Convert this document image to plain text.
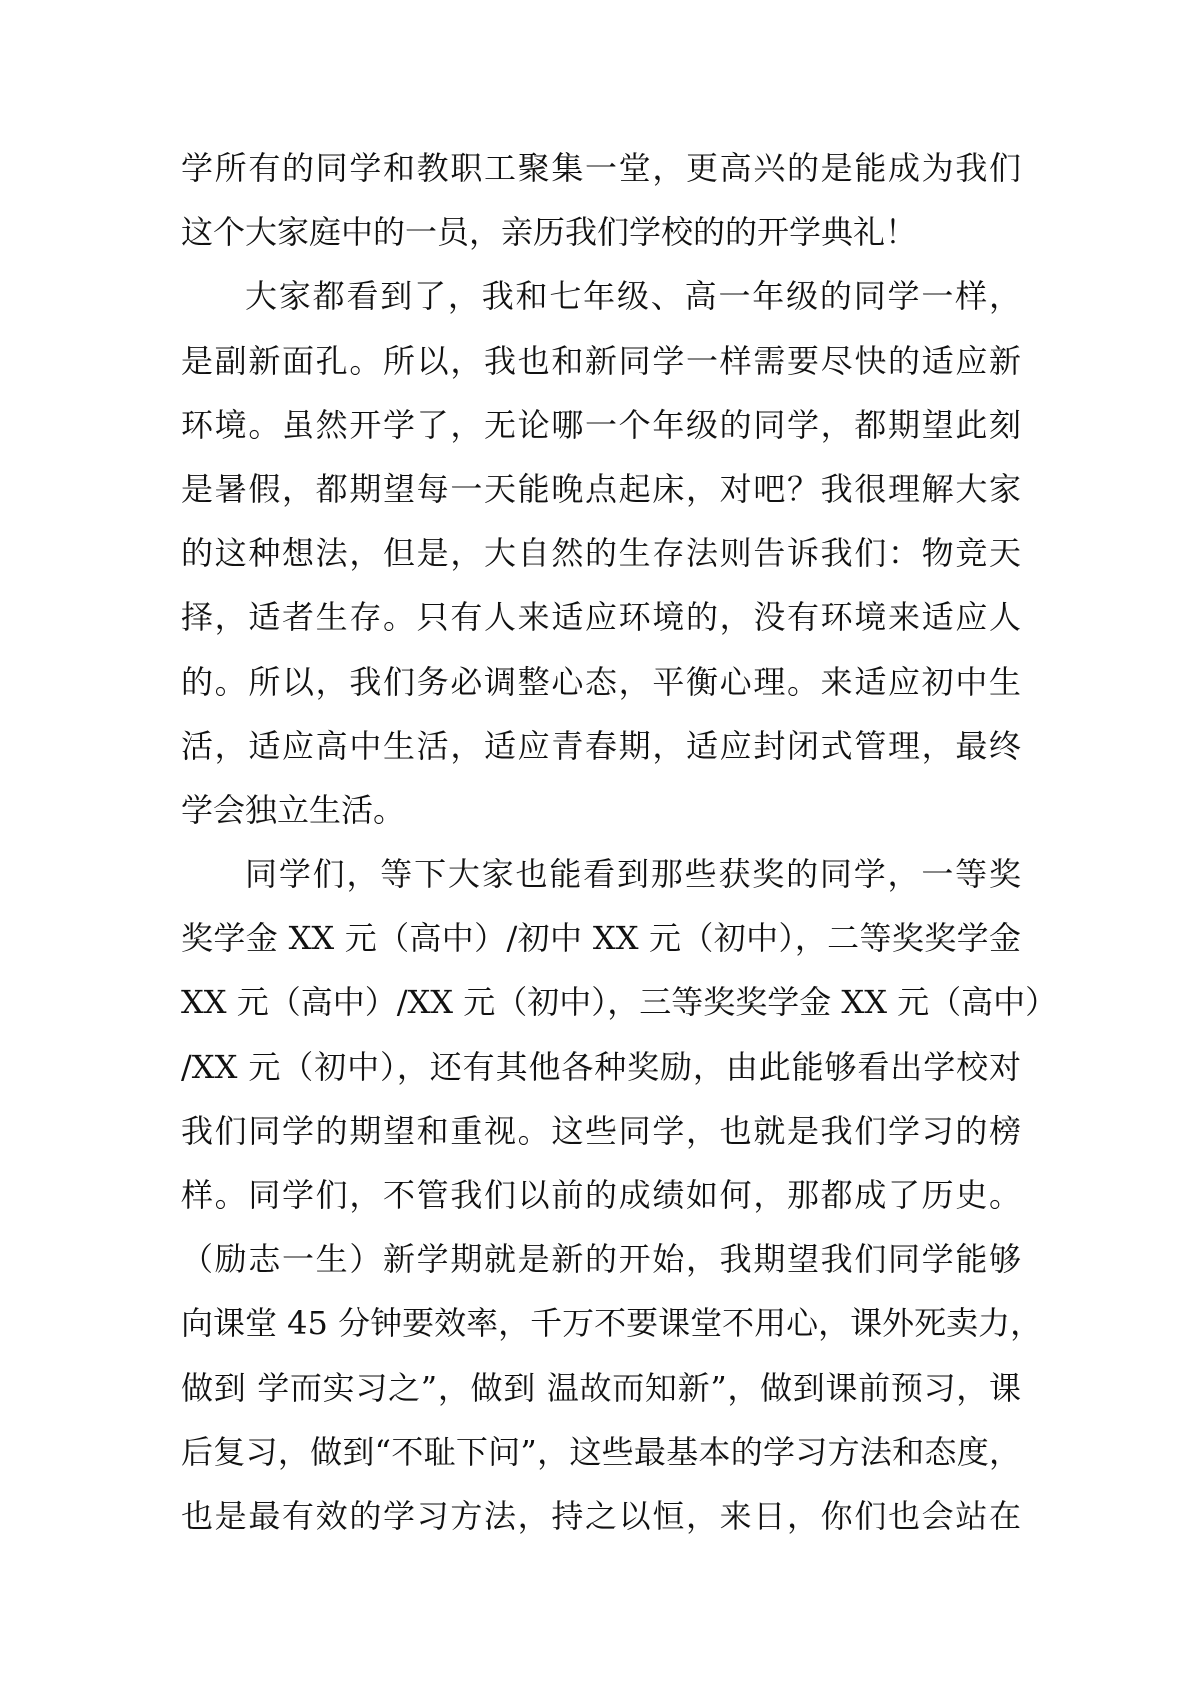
学所有的同学和教职工聚集一堂，更高兴的是能成为我们
这个大家庭中的一员，亲历我们学校的的开学典礼！
大家都看到了，我和七年级、高一年级的同学一样，
是副新面孔。所以，我也和新同学一样需要尽快的适应新
环境。虽然开学了，无论哪一个年级的同学，都期望此刻
是暑假，都期望每一天能晚点起床，对吧？我很理解大家
的这种想法，但是，大自然的生存法则告诉我们：物竞天
择，适者生存。只有人来适应环境的，没有环境来适应人
的。所以，我们务必调整心态，平衡心理。来适应初中生
活，适应高中生活，适应青春期，适应封闭式管理，最终
学会独立生活。
同学们，等下大家也能看到那些获奖的同学，一等奖
奖学金 XX 元（高中）/初中 XX 元（初中），二等奖奖学金
XX 元（高中）/XX 元（初中），三等奖奖学金 XX 元（高中）
/XX 元（初中），还有其他各种奖励，由此能够看出学校对
我们同学的期望和重视。这些同学，也就是我们学习的榜
样。同学们，不管我们以前的成绩如何，那都成了历史。
（励志一生）新学期就是新的开始，我期望我们同学能够
向课堂 45 分钟要效率，千万不要课堂不用心，课外死卖力，
做到 学而实习之”，做到 温故而知新”，做到课前预习，课
后复习，做到“不耻下问”，这些最基本的学习方法和态度，
也是最有效的学习方法，持之以恒，来日，你们也会站在
